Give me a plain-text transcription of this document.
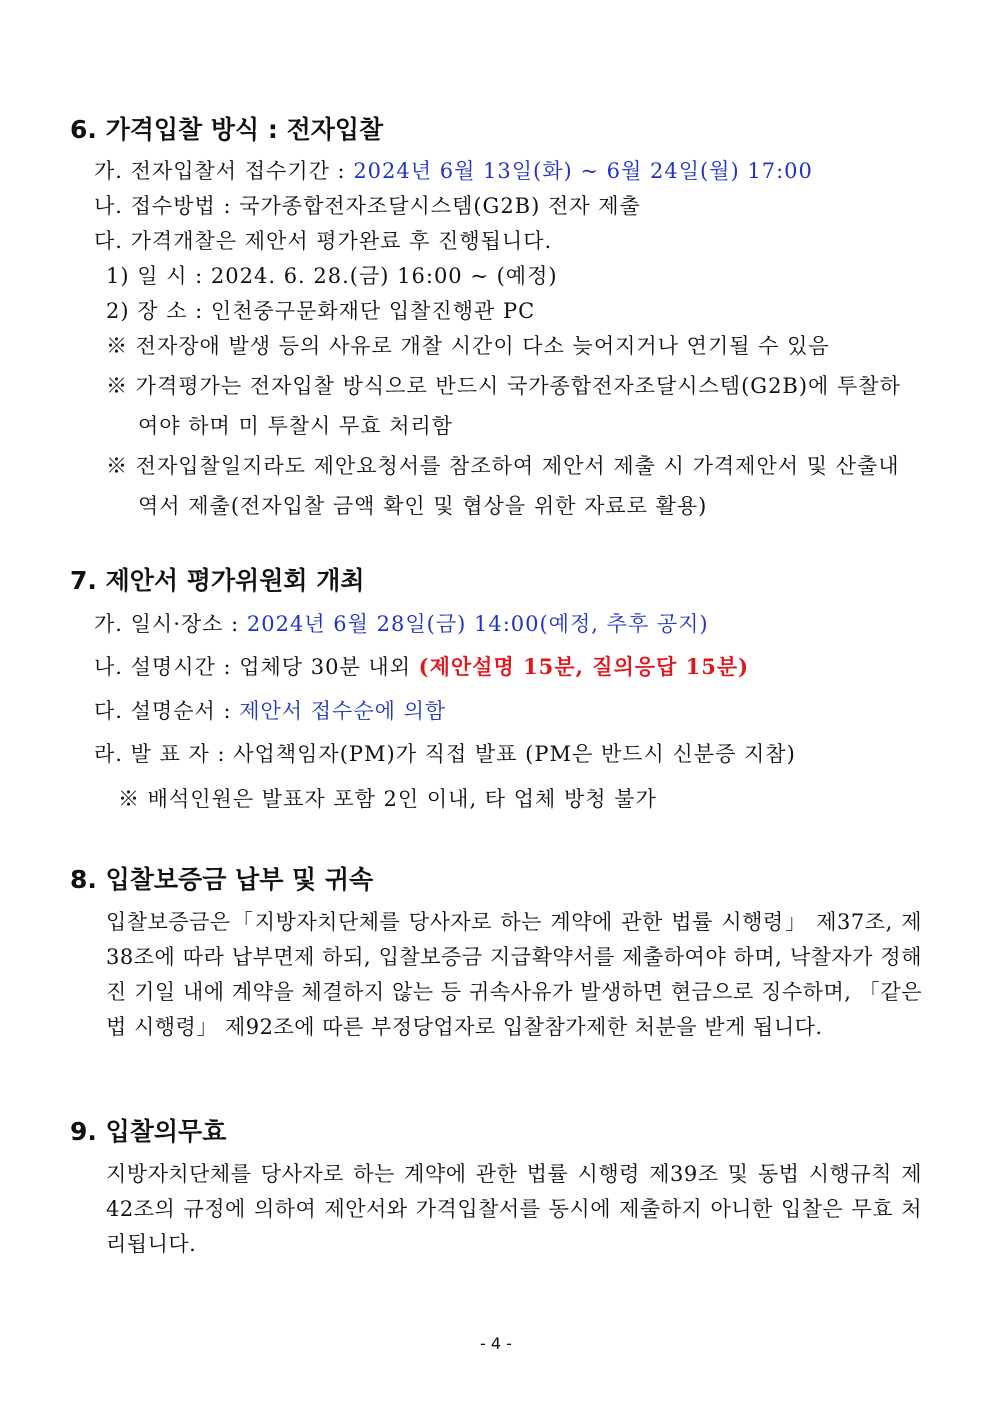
6. 가격입찰 방식 : 전자입찰
가. 전자입찰서 접수기간 : 2024년 6월 13일(화) ~ 6월 24일(월) 17:00
나. 접수방법 : 국가종합전자조달시스템(G2B) 전자 제출
다. 가격개찰은 제안서 평가완료 후 진행됩니다.
1) 일 시 : 2024. 6. 28.(금) 16:00 ~ (예정)
2) 장 소 : 인천중구문화재단 입찰진행관 PC
※ 전자장애 발생 등의 사유로 개찰 시간이 다소 늦어지거나 연기될 수 있음
※ 가격평가는 전자입찰 방식으로 반드시 국가종합전자조달시스템(G2B)에 투찰하
여야 하며 미 투찰시 무효 처리함
※ 전자입찰일지라도 제안요청서를 참조하여 제안서 제출 시 가격제안서 및 산출내
역서 제출(전자입찰 금액 확인 및 협상을 위한 자료로 활용)
7. 제안서 평가위원회 개최
가. 일시·장소 : 2024년 6월 28일(금) 14:00(예정, 추후 공지)
나. 설명시간 : 업체당 30분 내외 (제안설명 15분, 질의응답 15분)
다. 설명순서 : 제안서 접수순에 의함
라. 발 표 자 : 사업책임자(PM)가 직접 발표 (PM은 반드시 신분증 지참)
※ 배석인원은 발표자 포함 2인 이내, 타 업체 방청 불가
8. 입찰보증금 납부 및 귀속
입찰보증금은「지방자치단체를 당사자로 하는 계약에 관한 법률 시행령」 제37조, 제38조에 따라 납부면제 하되, 입찰보증금 지급확약서를 제출하여야 하며, 낙찰자가 정해진 기일 내에 계약을 체결하지 않는 등 귀속사유가 발생하면 현금으로 징수하며, 「같은 법 시행령」 제92조에 따른 부정당업자로 입찰참가제한 처분을 받게 됩니다.
9. 입찰의무효
지방자치단체를 당사자로 하는 계약에 관한 법률 시행령 제39조 및 동법 시행규칙 제42조의 규정에 의하여 제안서와 가격입찰서를 동시에 제출하지 아니한 입찰은 무효 처리됩니다.
- 4 -
